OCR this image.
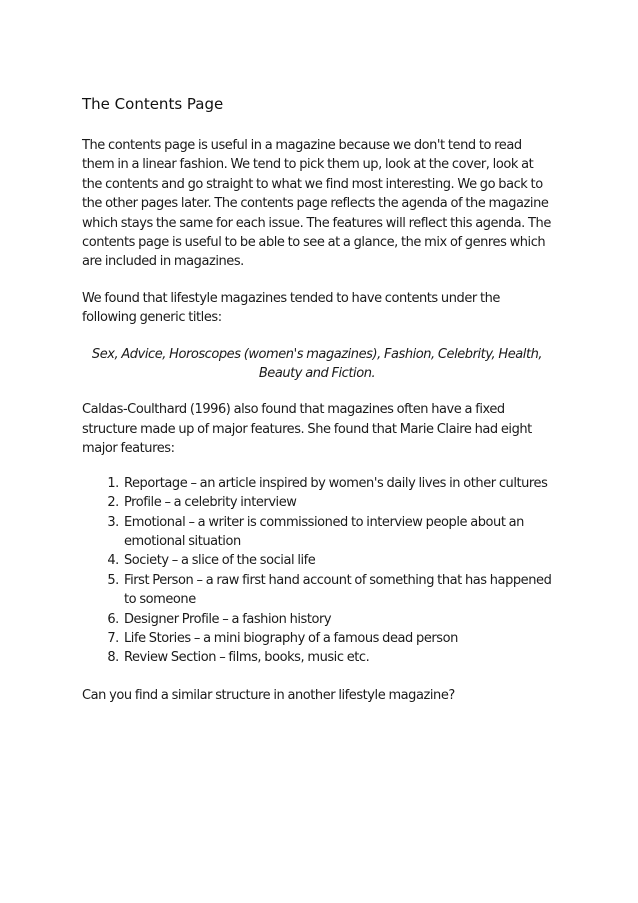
The Contents Page

The contents page is useful in a magazine because we don't tend to read them in a linear fashion. We tend to pick them up, look at the cover, look at the contents and go straight to what we find most interesting. We go back to the other pages later. The contents page reflects the agenda of the magazine which stays the same for each issue. The features will reflect this agenda. The contents page is useful to be able to see at a glance, the mix of genres which are included in magazines.

We found that lifestyle magazines tended to have contents under the following generic titles:

Sex, Advice, Horoscopes (women's magazines), Fashion, Celebrity, Health, Beauty and Fiction.

Caldas-Coulthard (1996) also found that magazines often have a fixed structure made up of major features. She found that Marie Claire had eight major features:

1. Reportage – an article inspired by women's daily lives in other cultures
2. Profile – a celebrity interview
3. Emotional – a writer is commissioned to interview people about an emotional situation
4. Society – a slice of the social life
5. First Person – a raw first hand account of something that has happened to someone
6. Designer Profile – a fashion history
7. Life Stories – a mini biography of a famous dead person
8. Review Section – films, books, music etc.

Can you find a similar structure in another lifestyle magazine?
